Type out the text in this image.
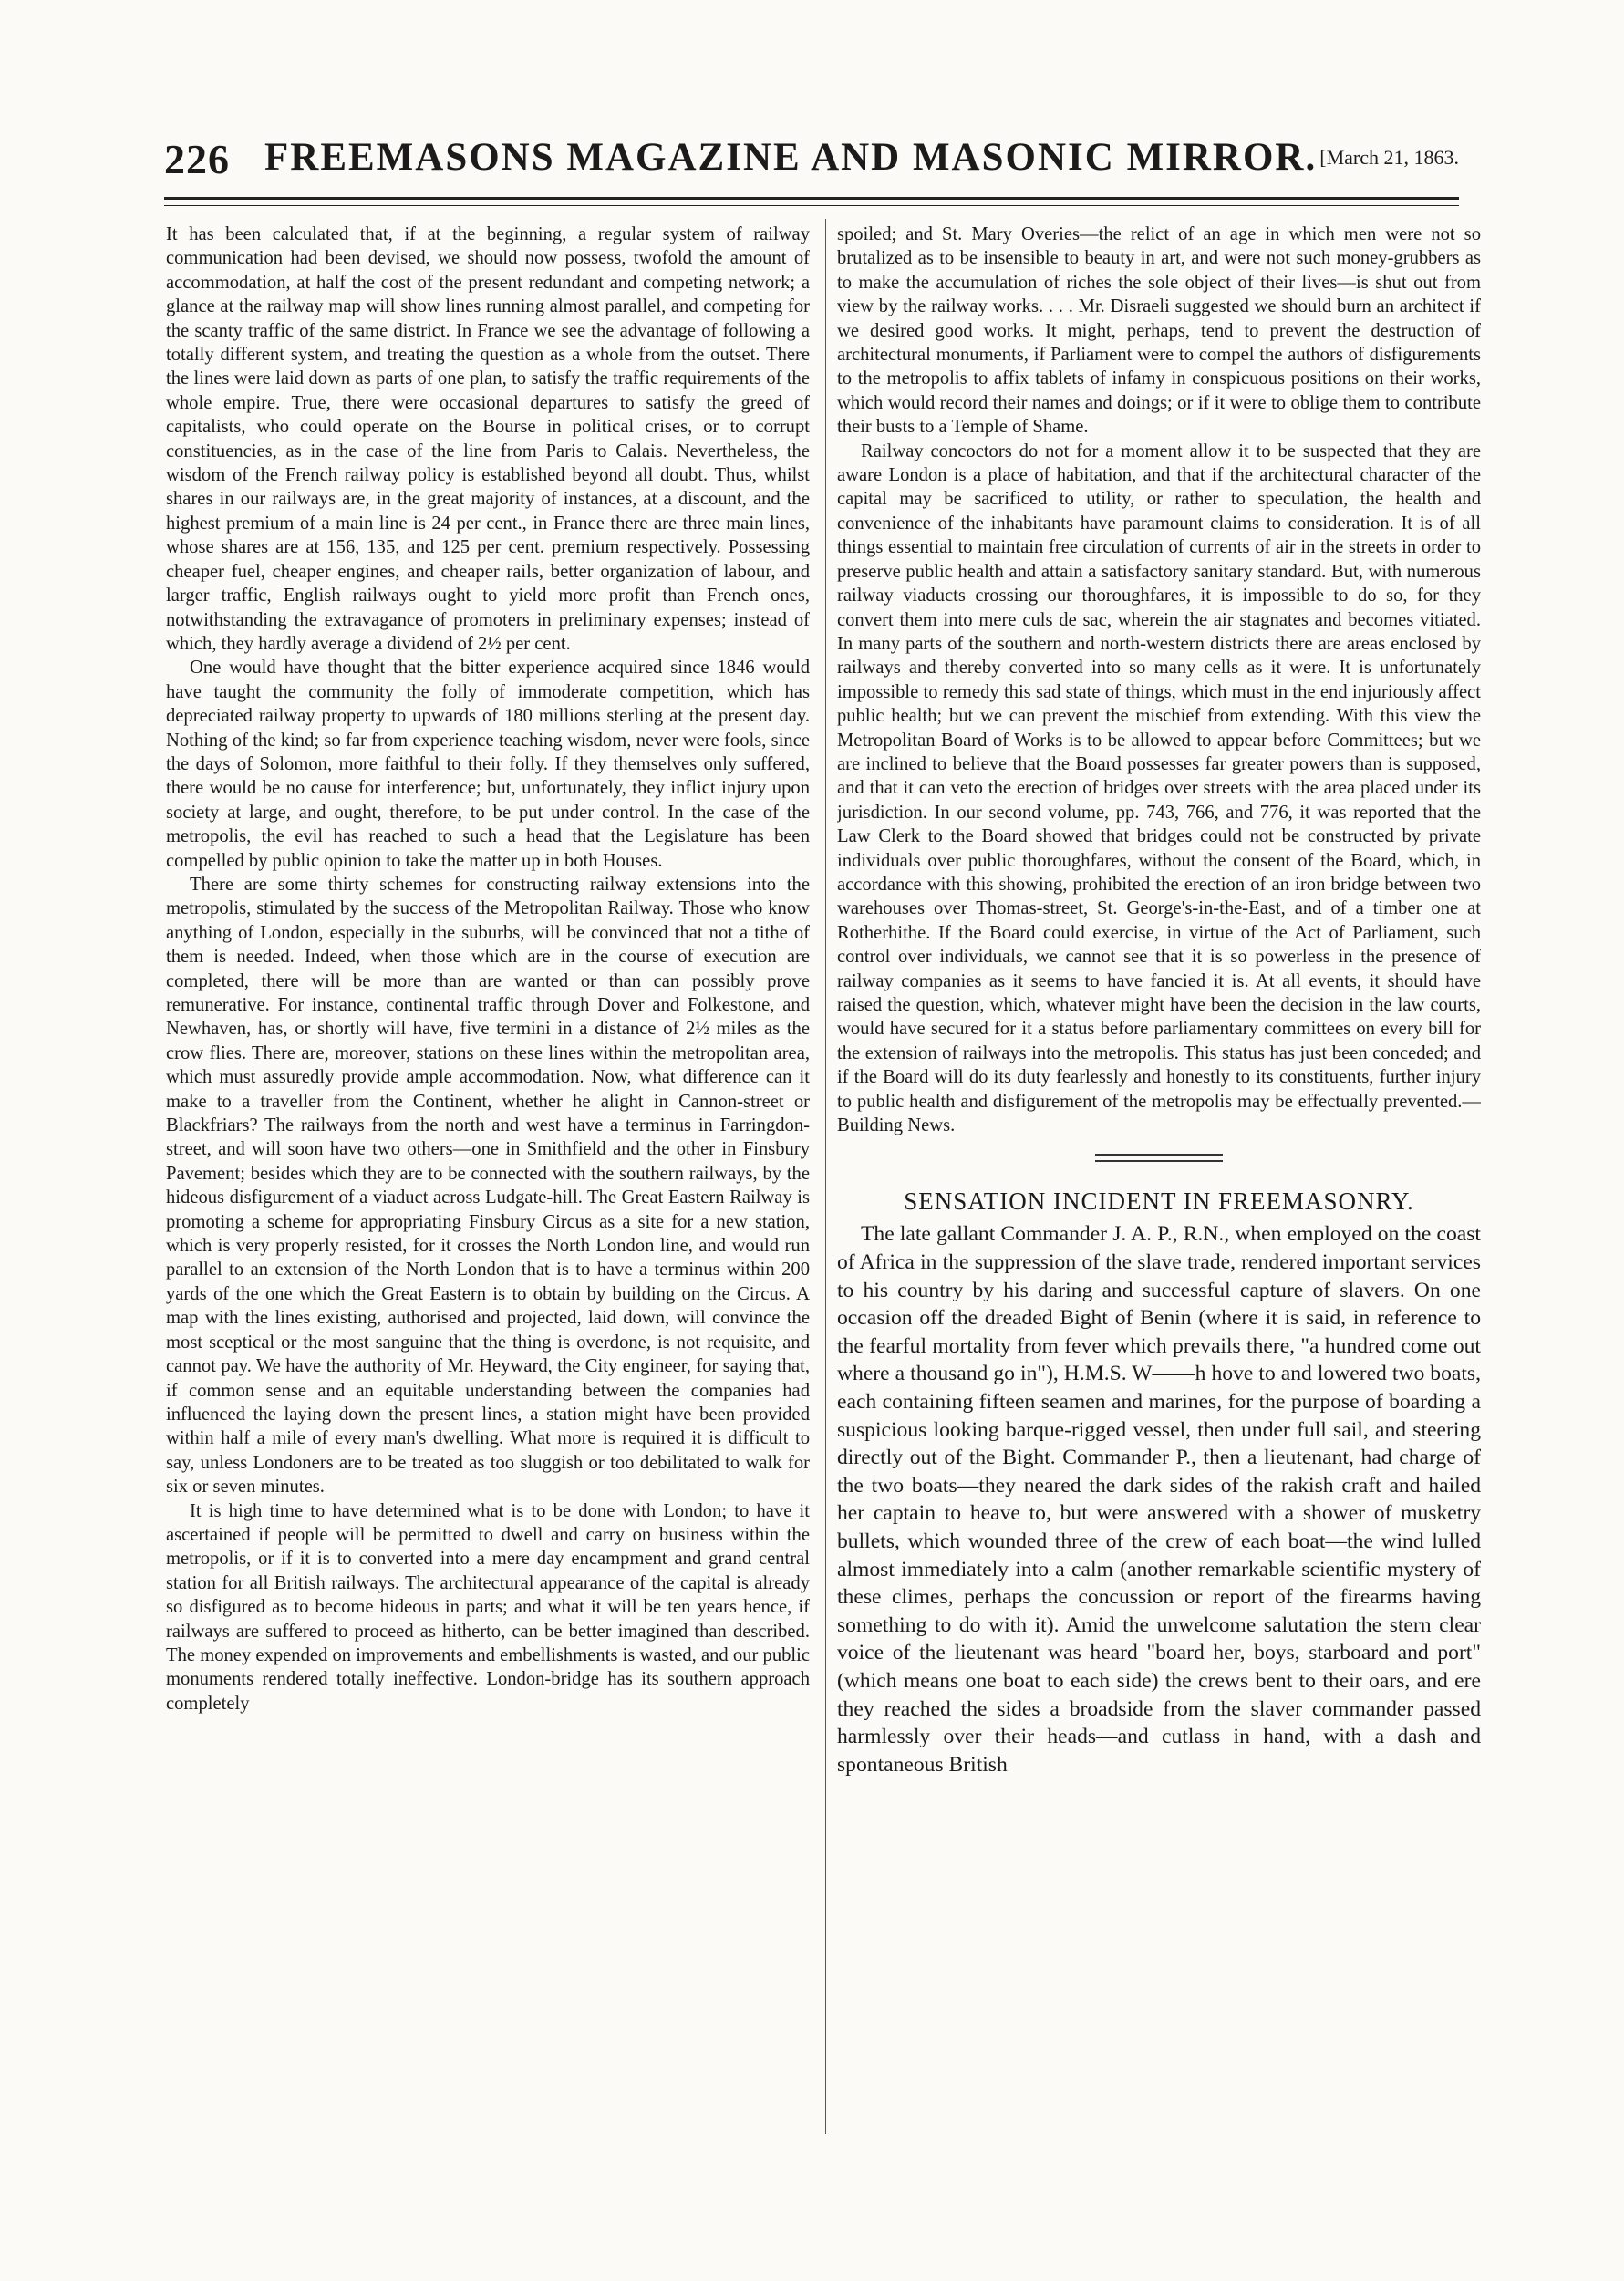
226 FREEMASONS MAGAZINE AND MASONIC MIRROR. [March 21, 1863.

It has been calculated that, if at the beginning, a regular system of railway communication had been devised, we should now possess, twofold the amount of accommodation, at half the cost of the present redundant and competing network; a glance at the railway map will show lines running almost parallel, and competing for the scanty traffic of the same district. In France we see the advantage of following a totally different system, and treating the question as a whole from the outset. There the lines were laid down as parts of one plan, to satisfy the traffic requirements of the whole empire. True, there were occasional departures to satisfy the greed of capitalists, who could operate on the Bourse in political crises, or to corrupt constituencies, as in the case of the line from Paris to Calais. Nevertheless, the wisdom of the French railway policy is established beyond all doubt. Thus, whilst shares in our railways are, in the great majority of instances, at a discount, and the highest premium of a main line is 24 per cent., in France there are three main lines, whose shares are at 156, 135, and 125 per cent. premium respectively. Possessing cheaper fuel, cheaper engines, and cheaper rails, better organization of labour, and larger traffic, English railways ought to yield more profit than French ones, notwithstanding the extravagance of promoters in preliminary expenses; instead of which, they hardly average a dividend of 2½ per cent.

One would have thought that the bitter experience acquired since 1846 would have taught the community the folly of immoderate competition, which has depreciated railway property to upwards of 180 millions sterling at the present day. Nothing of the kind; so far from experience teaching wisdom, never were fools, since the days of Solomon, more faithful to their folly. If they themselves only suffered, there would be no cause for interference; but, unfortunately, they inflict injury upon society at large, and ought, therefore, to be put under control. In the case of the metropolis, the evil has reached to such a head that the Legislature has been compelled by public opinion to take the matter up in both Houses.

There are some thirty schemes for constructing railway extensions into the metropolis, stimulated by the success of the Metropolitan Railway. Those who know anything of London, especially in the suburbs, will be convinced that not a tithe of them is needed. Indeed, when those which are in the course of execution are completed, there will be more than are wanted or than can possibly prove remunerative. For instance, continental traffic through Dover and Folkestone, and Newhaven, has, or shortly will have, five termini in a distance of 2½ miles as the crow flies. There are, moreover, stations on these lines within the metropolitan area, which must assuredly provide ample accommodation. Now, what difference can it make to a traveller from the Continent, whether he alight in Cannon-street or Blackfriars? The railways from the north and west have a terminus in Farringdon-street, and will soon have two others—one in Smithfield and the other in Finsbury Pavement; besides which they are to be connected with the southern railways, by the hideous disfigurement of a viaduct across Ludgate-hill. The Great Eastern Railway is promoting a scheme for appropriating Finsbury Circus as a site for a new station, which is very properly resisted, for it crosses the North London line, and would run parallel to an extension of the North London that is to have a terminus within 200 yards of the one which the Great Eastern is to obtain by building on the Circus. A map with the lines existing, authorised and projected, laid down, will convince the most sceptical or the most sanguine that the thing is overdone, is not requisite, and cannot pay. We have the authority of Mr. Heyward, the City engineer, for saying that, if common sense and an equitable understanding between the companies had influenced the laying down the present lines, a station might have been provided within half a mile of every man's dwelling. What more is required it is difficult to say, unless Londoners are to be treated as too sluggish or too debilitated to walk for six or seven minutes.

It is high time to have determined what is to be done with London; to have it ascertained if people will be permitted to dwell and carry on business within the metropolis, or if it is to converted into a mere day encampment and grand central station for all British railways. The architectural appearance of the capital is already so disfigured as to become hideous in parts; and what it will be ten years hence, if railways are suffered to proceed as hitherto, can be better imagined than described. The money expended on improvements and embellishments is wasted, and our public monuments rendered totally ineffective. London-bridge has its southern approach completely

spoiled; and St. Mary Overies—the relict of an age in which men were not so brutalized as to be insensible to beauty in art, and were not such money-grubbers as to make the accumulation of riches the sole object of their lives—is shut out from view by the railway works. . . . Mr. Disraeli suggested we should burn an architect if we desired good works. It might, perhaps, tend to prevent the destruction of architectural monuments, if Parliament were to compel the authors of disfigurements to the metropolis to affix tablets of infamy in conspicuous positions on their works, which would record their names and doings; or if it were to oblige them to contribute their busts to a Temple of Shame.

Railway concoctors do not for a moment allow it to be suspected that they are aware London is a place of habitation, and that if the architectural character of the capital may be sacrificed to utility, or rather to speculation, the health and convenience of the inhabitants have paramount claims to consideration. It is of all things essential to maintain free circulation of currents of air in the streets in order to preserve public health and attain a satisfactory sanitary standard. But, with numerous railway viaducts crossing our thoroughfares, it is impossible to do so, for they convert them into mere culs de sac, wherein the air stagnates and becomes vitiated. In many parts of the southern and north-western districts there are areas enclosed by railways and thereby converted into so many cells as it were. It is unfortunately impossible to remedy this sad state of things, which must in the end injuriously affect public health; but we can prevent the mischief from extending. With this view the Metropolitan Board of Works is to be allowed to appear before Committees; but we are inclined to believe that the Board possesses far greater powers than is supposed, and that it can veto the erection of bridges over streets with the area placed under its jurisdiction. In our second volume, pp. 743, 766, and 776, it was reported that the Law Clerk to the Board showed that bridges could not be constructed by private individuals over public thoroughfares, without the consent of the Board, which, in accordance with this showing, prohibited the erection of an iron bridge between two warehouses over Thomas-street, St. George's-in-the-East, and of a timber one at Rotherhithe. If the Board could exercise, in virtue of the Act of Parliament, such control over individuals, we cannot see that it is so powerless in the presence of railway companies as it seems to have fancied it is. At all events, it should have raised the question, which, whatever might have been the decision in the law courts, would have secured for it a status before parliamentary committees on every bill for the extension of railways into the metropolis. This status has just been conceded; and if the Board will do its duty fearlessly and honestly to its constituents, further injury to public health and disfigurement of the metropolis may be effectually prevented.—Building News.

SENSATION INCIDENT IN FREEMASONRY.

The late gallant Commander J. A. P., R.N., when employed on the coast of Africa in the suppression of the slave trade, rendered important services to his country by his daring and successful capture of slavers. On one occasion off the dreaded Bight of Benin (where it is said, in reference to the fearful mortality from fever which prevails there, "a hundred come out where a thousand go in"), H.M.S. W——h hove to and lowered two boats, each containing fifteen seamen and marines, for the purpose of boarding a suspicious looking barque-rigged vessel, then under full sail, and steering directly out of the Bight. Commander P., then a lieutenant, had charge of the two boats—they neared the dark sides of the rakish craft and hailed her captain to heave to, but were answered with a shower of musketry bullets, which wounded three of the crew of each boat—the wind lulled almost immediately into a calm (another remarkable scientific mystery of these climes, perhaps the concussion or report of the firearms having something to do with it). Amid the unwelcome salutation the stern clear voice of the lieutenant was heard "board her, boys, starboard and port" (which means one boat to each side) the crews bent to their oars, and ere they reached the sides a broadside from the slaver commander passed harmlessly over their heads—and cutlass in hand, with a dash and spontaneous British
